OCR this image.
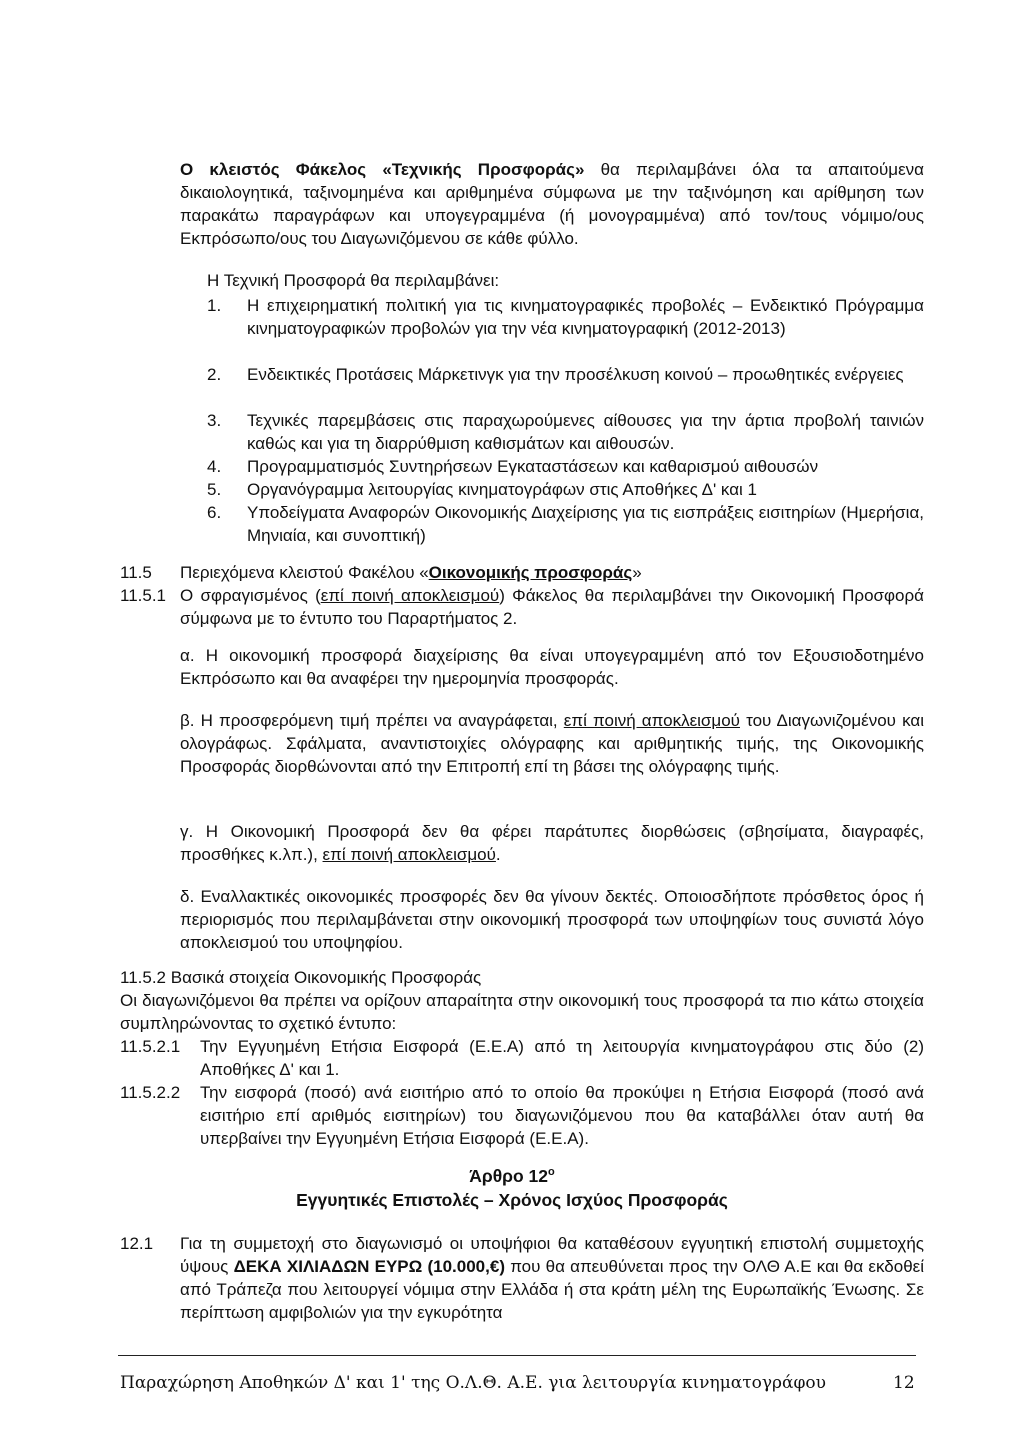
Ο κλειστός Φάκελος «Τεχνικής Προσφοράς» θα περιλαμβάνει όλα τα απαιτούμενα δικαιολογητικά, ταξινομημένα και αριθμημένα σύμφωνα με την ταξινόμηση και αρίθμηση των παρακάτω παραγράφων και υπογεγραμμένα (ή μονογραμμένα) από τον/τους νόμιμο/ους Εκπρόσωπο/ους του Διαγωνιζόμενου σε κάθε φύλλο.
Η Τεχνική Προσφορά θα περιλαμβάνει:
1. Η επιχειρηματική πολιτική για τις κινηματογραφικές προβολές – Ενδεικτικό Πρόγραμμα κινηματογραφικών προβολών για την νέα κινηματογραφική (2012-2013)
2. Ενδεικτικές Προτάσεις Μάρκετινγκ για την προσέλκυση κοινού – προωθητικές ενέργειες
3. Τεχνικές παρεμβάσεις στις παραχωρούμενες αίθουσες για την άρτια προβολή ταινιών καθώς και για τη διαρρύθμιση καθισμάτων και αιθουσών.
4. Προγραμματισμός Συντηρήσεων Εγκαταστάσεων και καθαρισμού αιθουσών
5. Οργανόγραμμα λειτουργίας κινηματογράφων στις Αποθήκες Δ' και 1
6. Υποδείγματα Αναφορών Οικονομικής Διαχείρισης για τις εισπράξεις εισιτηρίων (Ημερήσια, Μηνιαία, και συνοπτική)
11.5 Περιεχόμενα κλειστού Φακέλου «Οικονομικής προσφοράς»
11.5.1 Ο σφραγισμένος (επί ποινή αποκλεισμού) Φάκελος θα περιλαμβάνει την Οικονομική Προσφορά σύμφωνα με το έντυπο του Παραρτήματος 2.
α. Η οικονομική προσφορά διαχείρισης θα είναι υπογεγραμμένη από τον Εξουσιοδοτημένο Εκπρόσωπο και θα αναφέρει την ημερομηνία προσφοράς.
β. Η προσφερόμενη τιμή πρέπει να αναγράφεται, επί ποινή αποκλεισμού του Διαγωνιζομένου και ολογράφως. Σφάλματα, αναντιστοιχίες ολόγραφης και αριθμητικής τιμής, της Οικονομικής Προσφοράς διορθώνονται από την Επιτροπή επί τη βάσει της ολόγραφης τιμής.
γ. Η Οικονομική Προσφορά δεν θα φέρει παράτυπες διορθώσεις (σβησίματα, διαγραφές, προσθήκες κ.λπ.), επί ποινή αποκλεισμού.
δ. Εναλλακτικές οικονομικές προσφορές δεν θα γίνουν δεκτές. Οποιοσδήποτε πρόσθετος όρος ή περιορισμός που περιλαμβάνεται στην οικονομική προσφορά των υποψηφίων τους συνιστά λόγο αποκλεισμού του υποψηφίου.
11.5.2 Βασικά στοιχεία Οικονομικής Προσφοράς
Οι διαγωνιζόμενοι θα πρέπει να ορίζουν απαραίτητα στην οικονομική τους προσφορά τα πιο κάτω στοιχεία συμπληρώνοντας το σχετικό έντυπο:
11.5.2.1 Την Εγγυημένη Ετήσια Εισφορά (Ε.Ε.Α) από τη λειτουργία κινηματογράφου στις δύο (2) Αποθήκες Δ' και 1.
11.5.2.2 Την εισφορά (ποσό) ανά εισιτήριο από το οποίο θα προκύψει η Ετήσια Εισφορά (ποσό ανά εισιτήριο επί αριθμός εισιτηρίων) του διαγωνιζόμενου που θα καταβάλλει όταν αυτή θα υπερβαίνει την Εγγυημένη Ετήσια Εισφορά (Ε.Ε.Α).
Άρθρο $12^o$
Εγγυητικές Επιστολές – Χρόνος Ισχύος Προσφοράς
12.1 Για τη συμμετοχή στο διαγωνισμό οι υποψήφιοι θα καταθέσουν εγγυητική επιστολή συμμετοχής ύψους ΔΕΚΑ ΧΙΛΙΑΔΩΝ ΕΥΡΩ (10.000,€) που θα απευθύνεται προς την ΟΛΘ Α.Ε και θα εκδοθεί από Τράπεζα που λειτουργεί νόμιμα στην Ελλάδα ή στα κράτη μέλη της Ευρωπαϊκής Ένωσης. Σε περίπτωση αμφιβολιών για την εγκυρότητα
Παραχώρηση Αποθηκών Δ' και 1' της Ο.Λ.Θ. Α.Ε. για λειτουργία κινηματογράφου	12
